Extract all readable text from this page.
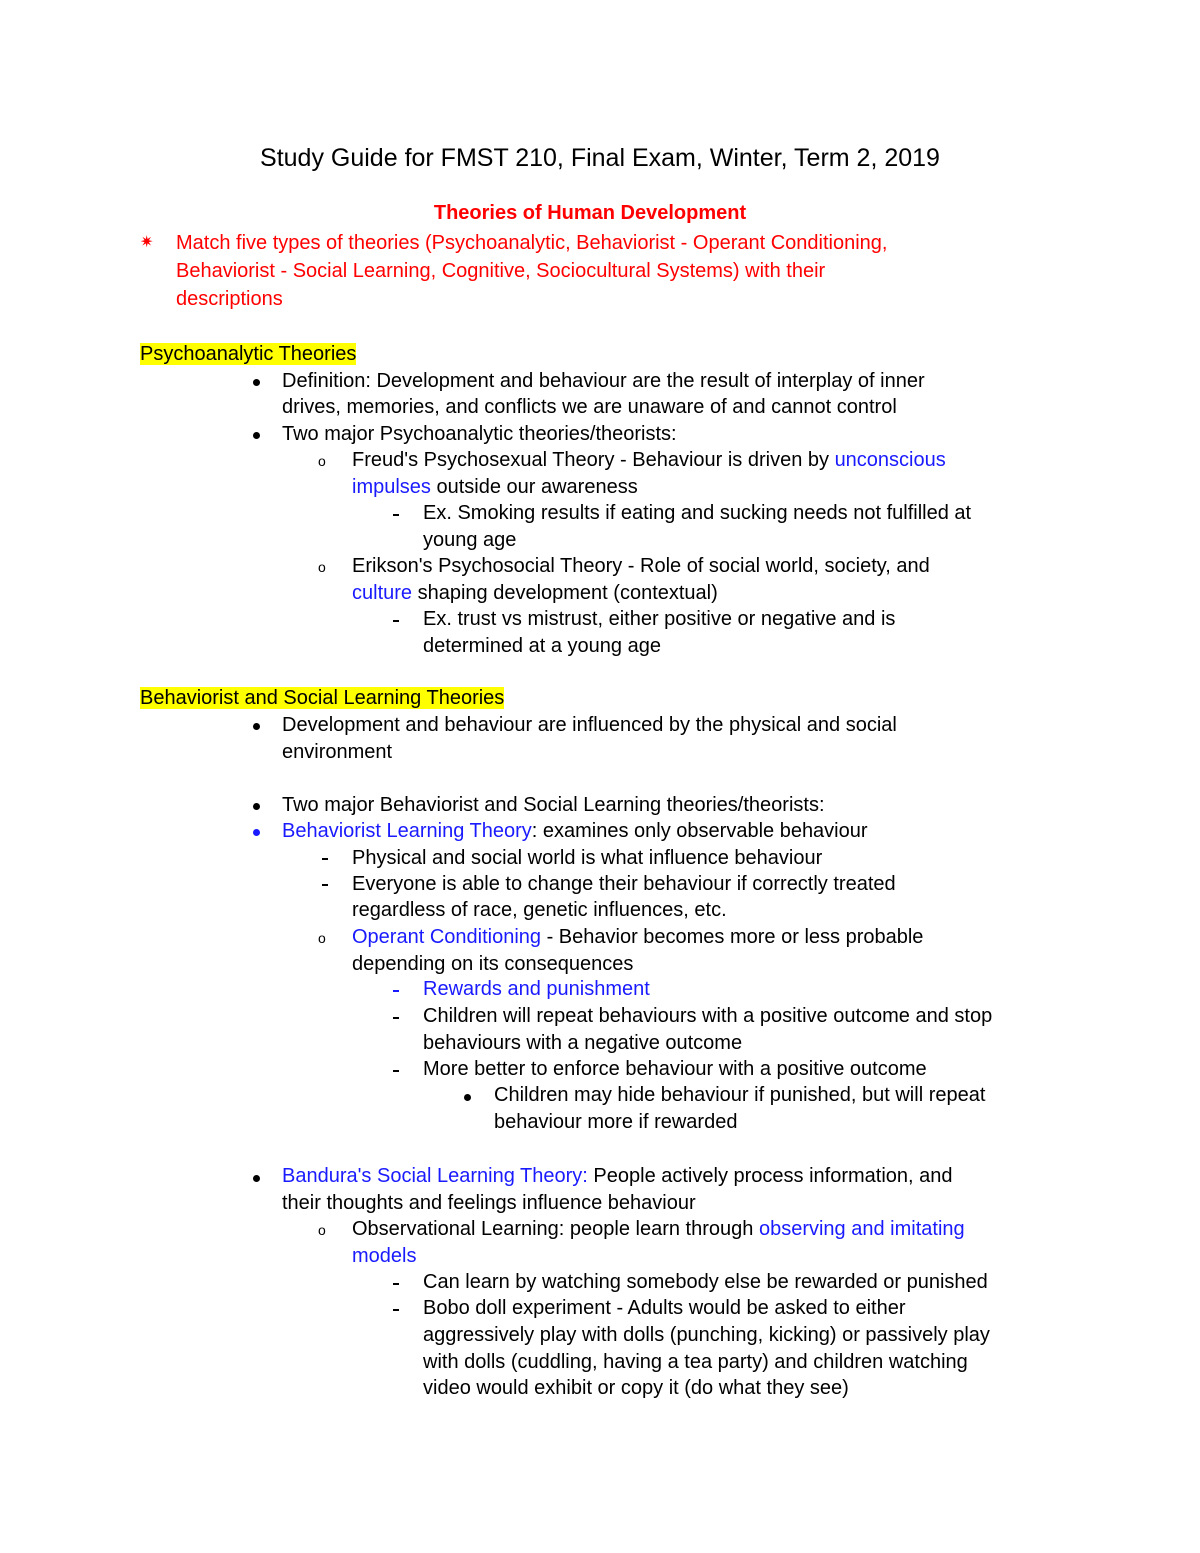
Study Guide for FMST 210, Final Exam, Winter, Term 2, 2019
Theories of Human Development
✷ Match five types of theories (Psychoanalytic, Behaviorist - Operant Conditioning,
Behaviorist - Social Learning, Cognitive, Sociocultural Systems) with their
descriptions
Psychoanalytic Theories
Definition: Development and behaviour are the result of interplay of inner
drives, memories, and conflicts we are unaware of and cannot control
Two major Psychoanalytic theories/theorists:
o Freud's Psychosexual Theory - Behaviour is driven by unconscious
impulses outside our awareness
Ex. Smoking results if eating and sucking needs not fulfilled at
young age
o Erikson's Psychosocial Theory - Role of social world, society, and
culture shaping development (contextual)
Ex. trust vs mistrust, either positive or negative and is
determined at a young age
Behaviorist and Social Learning Theories
Development and behaviour are influenced by the physical and social
environment
Two major Behaviorist and Social Learning theories/theorists:
Behaviorist Learning Theory: examines only observable behaviour
Physical and social world is what influence behaviour
Everyone is able to change their behaviour if correctly treated
regardless of race, genetic influences, etc.
o Operant Conditioning - Behavior becomes more or less probable
depending on its consequences
Rewards and punishment
Children will repeat behaviours with a positive outcome and stop
behaviours with a negative outcome
More better to enforce behaviour with a positive outcome
Children may hide behaviour if punished, but will repeat
behaviour more if rewarded
Bandura's Social Learning Theory: People actively process information, and
their thoughts and feelings influence behaviour
o Observational Learning: people learn through observing and imitating
models
Can learn by watching somebody else be rewarded or punished
Bobo doll experiment - Adults would be asked to either
aggressively play with dolls (punching, kicking) or passively play
with dolls (cuddling, having a tea party) and children watching
video would exhibit or copy it (do what they see)
